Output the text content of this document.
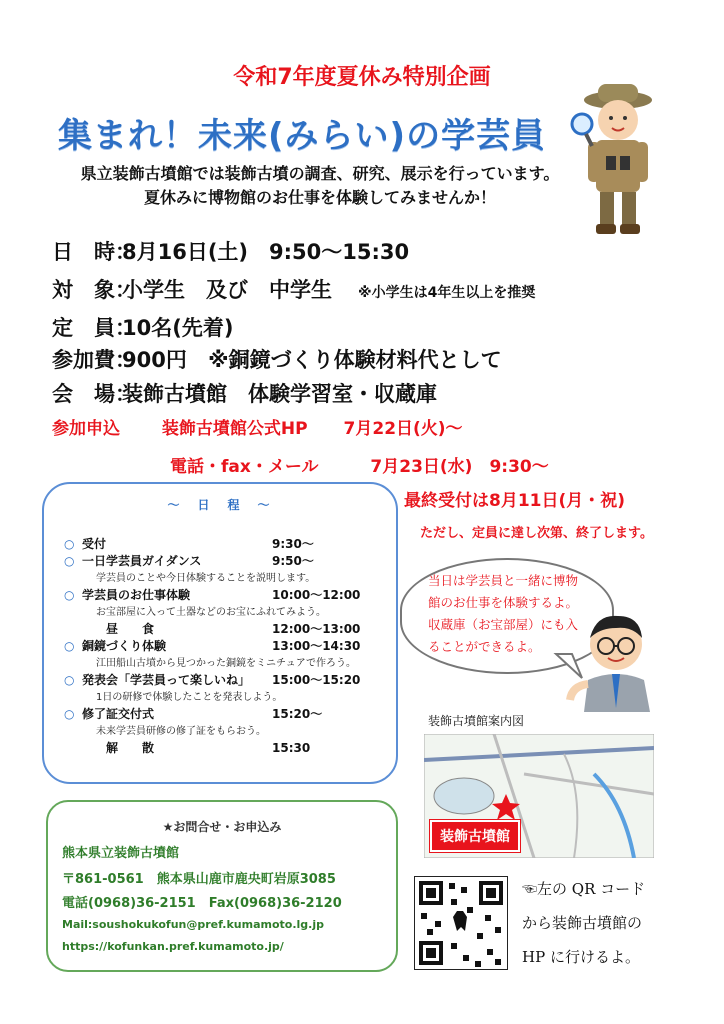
令和7年度夏休み特別企画
集まれ！未来(みらい)の学芸員
県立装飾古墳館では装飾古墳の調査、研究、展示を行っています。
夏休みに博物館のお仕事を体験してみませんか！
日　時：8月16日(土)　9:50～15:30
対　象：小学生　及び　中学生 ※小学生は4年生以上を推奨
定　員：10名(先着)
参加費：900円 ※銅鏡づくり体験材料代として
会　場：装飾古墳館　体験学習室・収蔵庫
参加申込 装飾古墳館公式HP 7月22日(火)～
電話・fax・メール	7月23日(水)　9:30～
最終受付は8月11日(月・祝)
ただし、定員に達し次第、終了します。
～　日　程　～
○ 受付	9:30～
○ 一日学芸員ガイダンス	9:50～
学芸員のことや今日体験することを説明します。
○ 学芸員のお仕事体験	10:00～12:00
お宝部屋に入って土器などのお宝にふれてみよう。
　　昼　　食	12:00～13:00
○ 銅鏡づくり体験	13:00～14:30
江田船山古墳から見つかった銅鏡をミニチュアで作ろう。
○ 発表会「学芸員って楽しいね」	15:00～15:20
1日の研修で体験したことを発表しよう。
○ 修了証交付式	15:20～
未来学芸員研修の修了証をもらおう。
　　解　　散	15:30
当日は学芸員と一緒に博物館のお仕事を体験するよ。収蔵庫（お宝部屋）にも入ることができるよ。
装飾古墳館案内図
装飾古墳館
★お問合せ・お申込み
熊本県立装飾古墳館
〒861-0561　熊本県山鹿市鹿央町岩原3085
電話(0968)36-2151　Fax(0968)36-2120
Mail:soushokukofun@pref.kumamoto.lg.jp
https://kofunkan.pref.kumamoto.jp/
☜左の QR コード
から装飾古墳館の
HP に行けるよ。
